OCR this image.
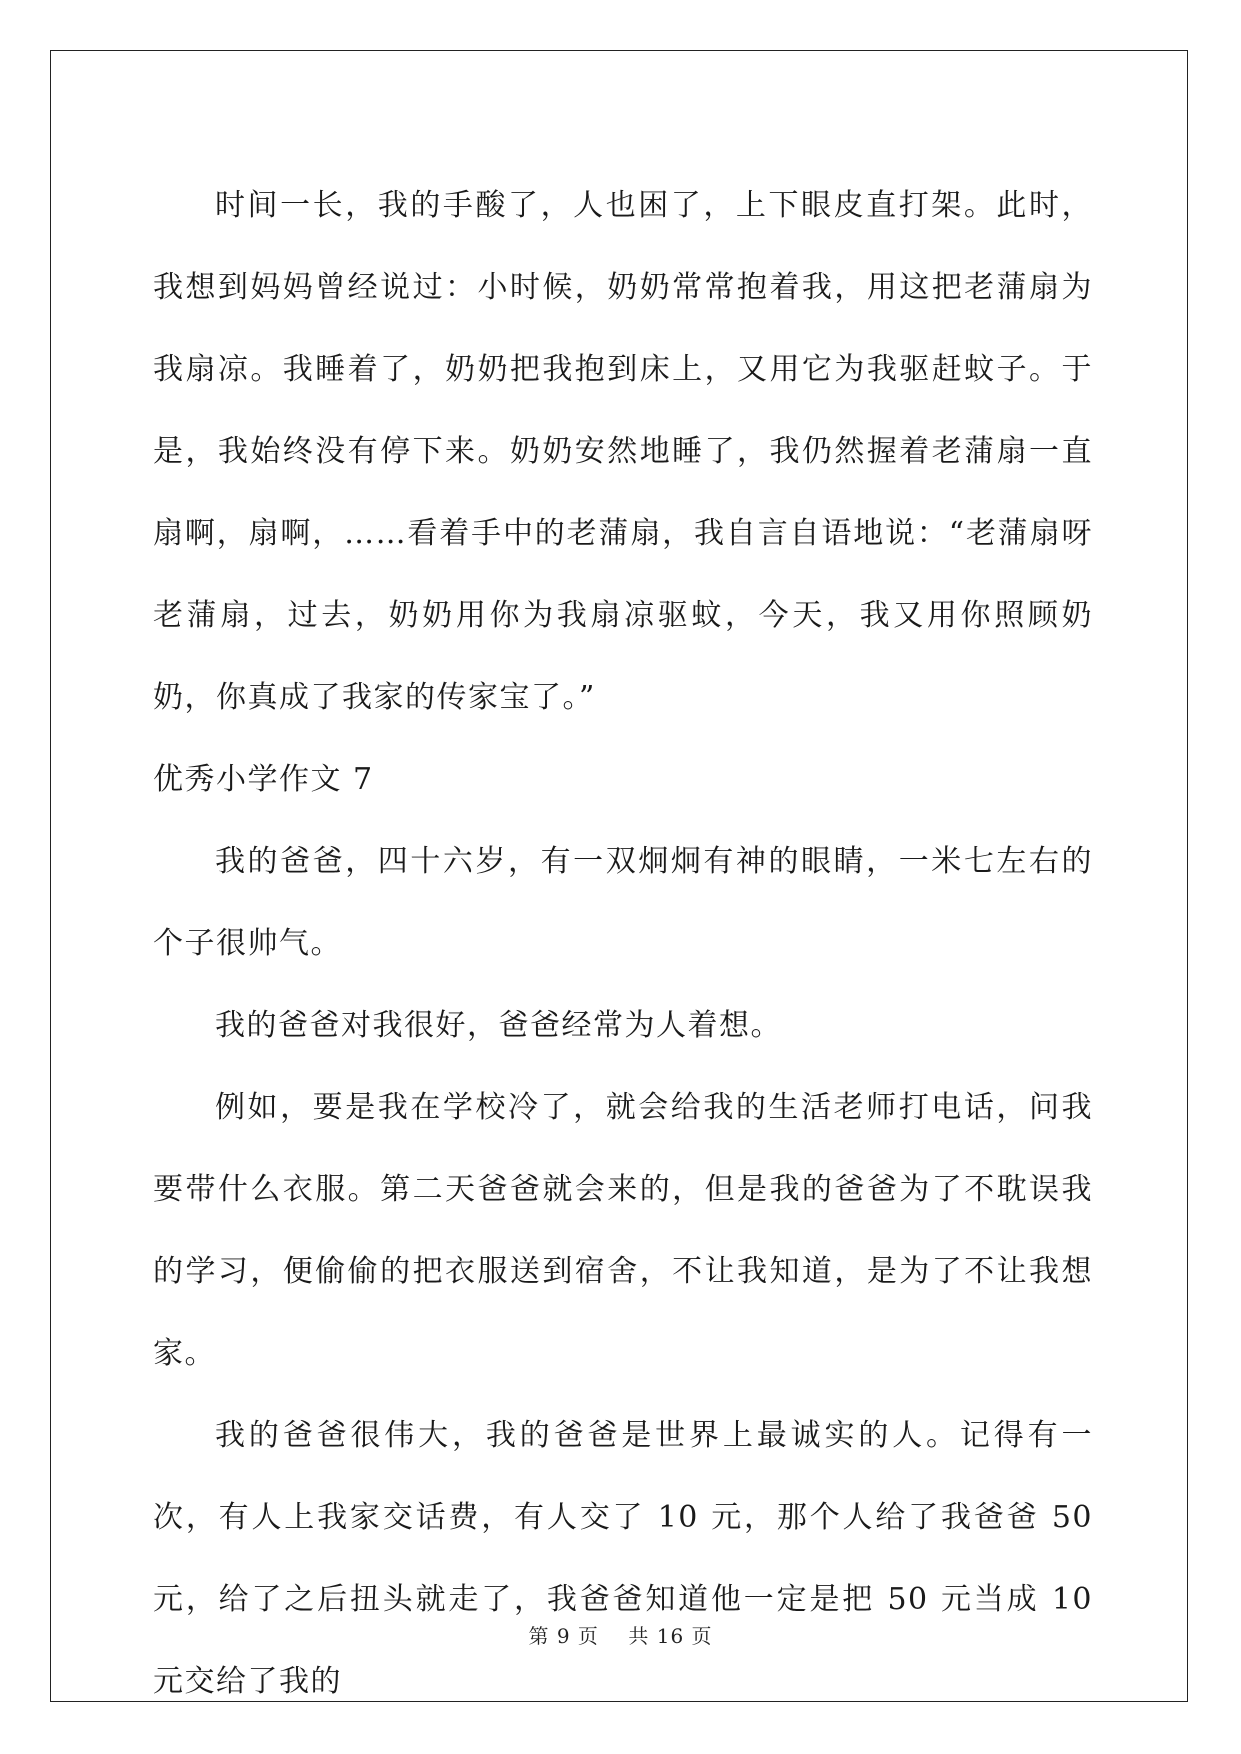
时间一长，我的手酸了，人也困了，上下眼皮直打架。此时，我想到妈妈曾经说过：小时候，奶奶常常抱着我，用这把老蒲扇为我扇凉。我睡着了，奶奶把我抱到床上，又用它为我驱赶蚊子。于是，我始终没有停下来。奶奶安然地睡了，我仍然握着老蒲扇一直扇啊，扇啊，……看着手中的老蒲扇，我自言自语地说：“老蒲扇呀老蒲扇，过去，奶奶用你为我扇凉驱蚊，今天，我又用你照顾奶奶，你真成了我家的传家宝了。”

优秀小学作文 7

我的爸爸，四十六岁，有一双炯炯有神的眼睛，一米七左右的个子很帅气。

我的爸爸对我很好，爸爸经常为人着想。

例如，要是我在学校冷了，就会给我的生活老师打电话，问我要带什么衣服。第二天爸爸就会来的，但是我的爸爸为了不耽误我的学习，便偷偷的把衣服送到宿舍，不让我知道，是为了不让我想家。

我的爸爸很伟大，我的爸爸是世界上最诚实的人。记得有一次，有人上我家交话费，有人交了 10 元，那个人给了我爸爸 50 元，给了之后扭头就走了，我爸爸知道他一定是把 50 元当成 10 元交给了我的

第 9 页 共 16 页
